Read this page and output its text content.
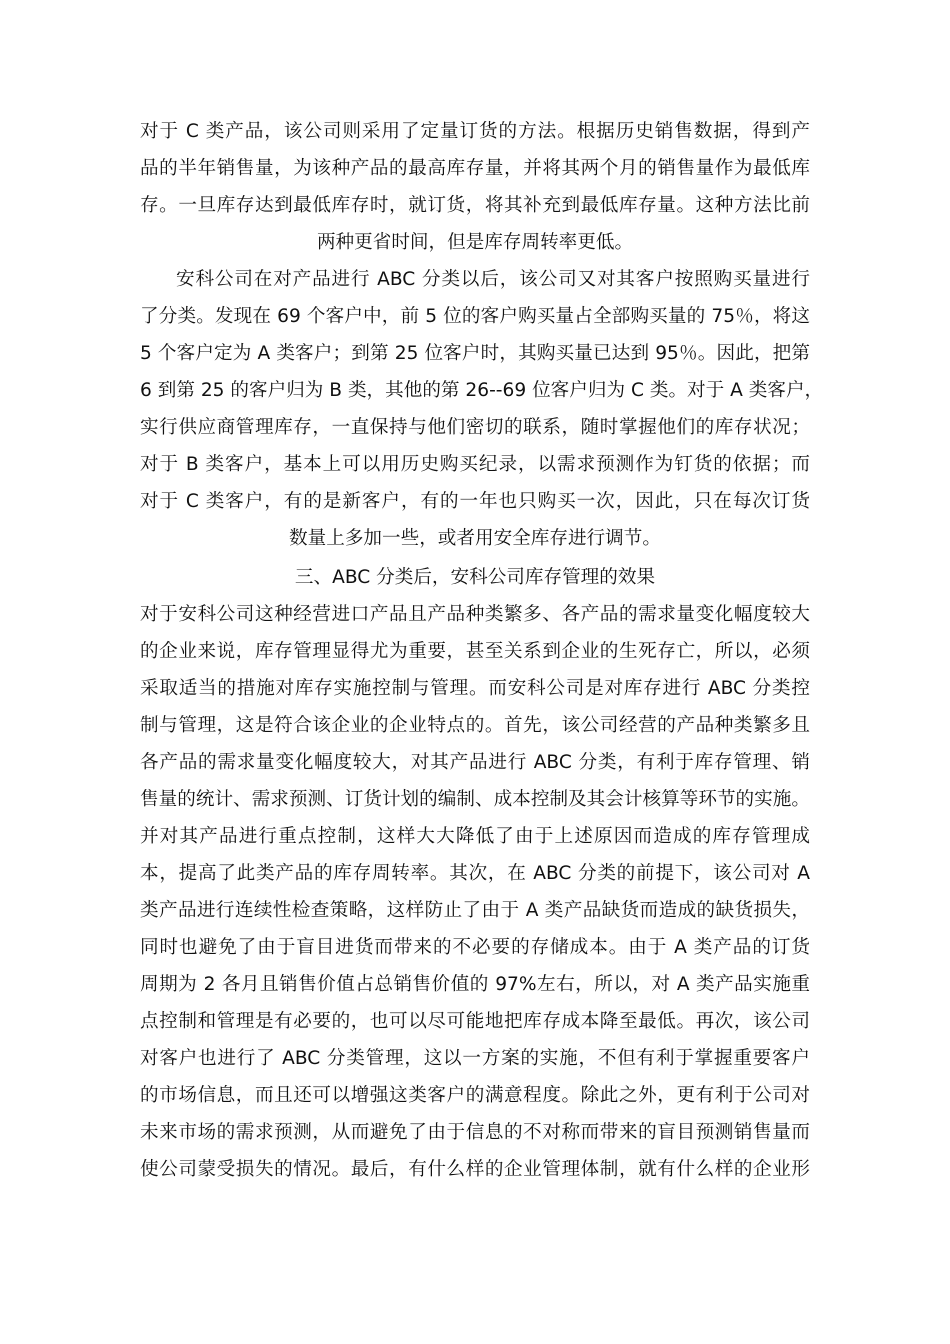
对于 C 类产品，该公司则采用了定量订货的方法。根据历史销售数据，得到产
品的半年销售量，为该种产品的最高库存量，并将其两个月的销售量作为最低库
存。一旦库存达到最低库存时，就订货，将其补充到最低库存量。这种方法比前
两种更省时间，但是库存周转率更低。
安科公司在对产品进行 ABC 分类以后，该公司又对其客户按照购买量进行
了分类。发现在 69 个客户中，前 5 位的客户购买量占全部购买量的 75％，将这
5 个客户定为 A 类客户；到第 25 位客户时，其购买量已达到 95％。因此，把第
6 到第 25 的客户归为 B 类，其他的第 26--69 位客户归为 C 类。对于 A 类客户，
实行供应商管理库存，一直保持与他们密切的联系，随时掌握他们的库存状况；
对于 B 类客户，基本上可以用历史购买纪录，以需求预测作为钉货的依据；而
对于 C 类客户，有的是新客户，有的一年也只购买一次，因此，只在每次订货
数量上多加一些，或者用安全库存进行调节。
三、ABC 分类后，安科公司库存管理的效果
对于安科公司这种经营进口产品且产品种类繁多、各产品的需求量变化幅度较大
的企业来说，库存管理显得尤为重要，甚至关系到企业的生死存亡，所以，必须
采取适当的措施对库存实施控制与管理。而安科公司是对库存进行 ABC 分类控
制与管理，这是符合该企业的企业特点的。首先，该公司经营的产品种类繁多且
各产品的需求量变化幅度较大，对其产品进行 ABC 分类，有利于库存管理、销
售量的统计、需求预测、订货计划的编制、成本控制及其会计核算等环节的实施。
并对其产品进行重点控制，这样大大降低了由于上述原因而造成的库存管理成
本，提高了此类产品的库存周转率。其次，在 ABC 分类的前提下，该公司对 A
类产品进行连续性检查策略，这样防止了由于 A 类产品缺货而造成的缺货损失，
同时也避免了由于盲目进货而带来的不必要的存储成本。由于 A 类产品的订货
周期为 2 各月且销售价值占总销售价值的 97%左右，所以，对 A 类产品实施重
点控制和管理是有必要的，也可以尽可能地把库存成本降至最低。再次，该公司
对客户也进行了 ABC 分类管理，这以一方案的实施，不但有利于掌握重要客户
的市场信息，而且还可以增强这类客户的满意程度。除此之外，更有利于公司对
未来市场的需求预测，从而避免了由于信息的不对称而带来的盲目预测销售量而
使公司蒙受损失的情况。最后，有什么样的企业管理体制，就有什么样的企业形
